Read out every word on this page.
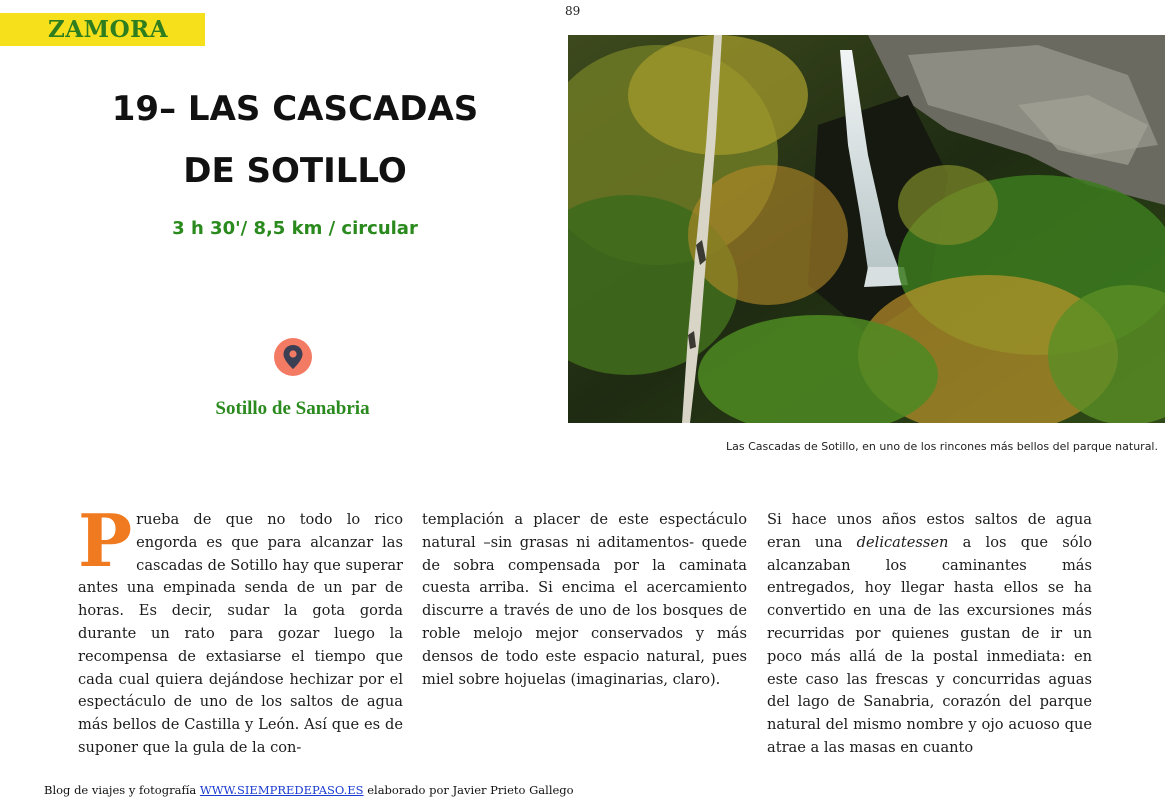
ZAMORA
89
19– LAS CASCADAS
DE SOTILLO
3 h 30'/ 8,5 km / circular
Sotillo de Sanabria
Las Cascadas de Sotillo, en uno de los rincones más bellos del parque natural.
Prueba de que no todo lo rico engorda es que para alcanzar las cascadas de Sotillo hay que superar antes una empinada senda de un par de horas. Es decir, sudar la gota gorda durante un rato para gozar luego la recompensa de extasiarse el tiempo que cada cual quiera dejándose hechizar por el espectáculo de uno de los saltos de agua más bellos de Castilla y León. Así que es de suponer que la gula de la con-
templación a placer de este espectáculo natural –sin grasas ni aditamentos- quede de sobra compensada por la caminata cuesta arriba. Si encima el acercamiento discurre a través de uno de los bosques de roble melojo mejor conservados y más densos de todo este espacio natural, pues miel sobre hojuelas (imaginarias, claro).
Si hace unos años estos saltos de agua eran una delicatessen a los que sólo alcanzaban los caminantes más entregados, hoy llegar hasta ellos se ha convertido en una de las excursiones más recurridas por quienes gustan de ir un poco más allá de la postal inmediata: en este caso las frescas y concurridas aguas del lago de Sanabria, corazón del parque natural del mismo nombre y ojo acuoso que atrae a las masas en cuanto
Blog de viajes y fotografía WWW.SIEMPREDEPASO.ES elaborado por Javier Prieto Gallego
